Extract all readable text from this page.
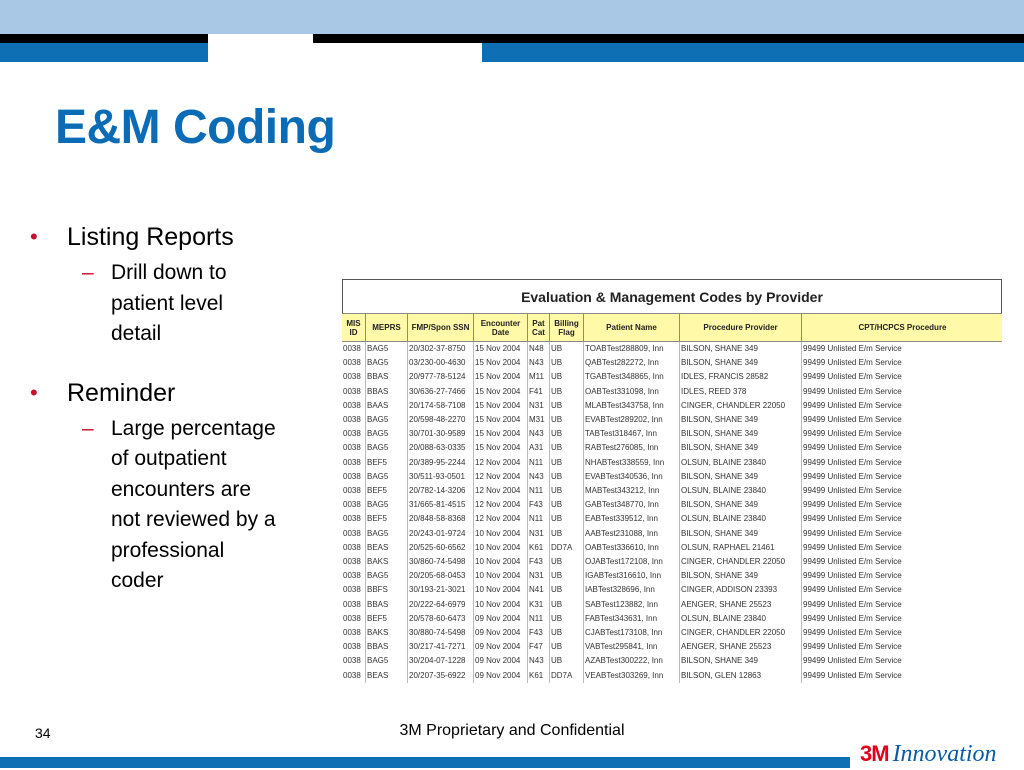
E&M Coding
• Listing Reports
– Drill down to
patient level
detail
• Reminder
– Large percentage
of outpatient
encounters are
not reviewed by a
professional
coder
Evaluation & Management Codes by Provider
MIS ID	MEPRS	FMP/Spon SSN	Encounter Date	Pat Cat	Billing Flag	Patient Name	Procedure Provider	CPT/HCPCS Procedure
0038	BAG5	20/302-37-8750	15 Nov 2004	N48	UB	TOABTest288809, Inn	BILSON, SHANE 349	99499 Unlisted E/m Service
0038	BAG5	03/230-00-4630	15 Nov 2004	N43	UB	QABTest282272, Inn	BILSON, SHANE 349	99499 Unlisted E/m Service
0038	BBAS	20/977-78-5124	15 Nov 2004	M11	UB	TGABTest348865, Inn	IDLES, FRANCIS 28582	99499 Unlisted E/m Service
0038	BBAS	30/636-27-7466	15 Nov 2004	F41	UB	OABTest331098, Inn	IDLES, REED 378	99499 Unlisted E/m Service
0038	BAAS	20/174-58-7108	15 Nov 2004	N31	UB	MLABTest343758, Inn	CINGER, CHANDLER 22050	99499 Unlisted E/m Service
0038	BAG5	20/598-48-2270	15 Nov 2004	M31	UB	EVABTest289202, Inn	BILSON, SHANE 349	99499 Unlisted E/m Service
0038	BAG5	30/701-30-9589	15 Nov 2004	N43	UB	TABTest318467, Inn	BILSON, SHANE 349	99499 Unlisted E/m Service
0038	BAG5	20/088-63-0335	15 Nov 2004	A31	UB	RABTest276085, Inn	BILSON, SHANE 349	99499 Unlisted E/m Service
0038	BEF5	20/389-95-2244	12 Nov 2004	N11	UB	NHABTest338559, Inn	OLSUN, BLAINE 23840	99499 Unlisted E/m Service
0038	BAG5	30/511-93-0501	12 Nov 2004	N43	UB	EVABTest340536, Inn	BILSON, SHANE 349	99499 Unlisted E/m Service
0038	BEF5	20/782-14-3206	12 Nov 2004	N11	UB	MABTest343212, Inn	OLSUN, BLAINE 23840	99499 Unlisted E/m Service
0038	BAG5	31/665-81-4515	12 Nov 2004	F43	UB	GABTest348770, Inn	BILSON, SHANE 349	99499 Unlisted E/m Service
0038	BEF5	20/848-58-8368	12 Nov 2004	N11	UB	EABTest339512, Inn	OLSUN, BLAINE 23840	99499 Unlisted E/m Service
0038	BAG5	20/243-01-9724	10 Nov 2004	N31	UB	AABTest231088, Inn	BILSON, SHANE 349	99499 Unlisted E/m Service
0038	BEAS	20/525-60-6562	10 Nov 2004	K61	DD7A	OABTest336610, Inn	OLSUN, RAPHAEL 21461	99499 Unlisted E/m Service
0038	BAKS	30/860-74-5498	10 Nov 2004	F43	UB	OJABTest172108, Inn	CINGER, CHANDLER 22050	99499 Unlisted E/m Service
0038	BAG5	20/205-68-0453	10 Nov 2004	N31	UB	IGABTest316610, Inn	BILSON, SHANE 349	99499 Unlisted E/m Service
0038	BBFS	30/193-21-3021	10 Nov 2004	N41	UB	IABTest328696, Inn	CINGER, ADDISON 23393	99499 Unlisted E/m Service
0038	BBAS	20/222-64-6979	10 Nov 2004	K31	UB	SABTest123882, Inn	AENGER, SHANE 25523	99499 Unlisted E/m Service
0038	BEF5	20/578-60-6473	09 Nov 2004	N11	UB	FABTest343631, Inn	OLSUN, BLAINE 23840	99499 Unlisted E/m Service
0038	BAKS	30/880-74-5498	09 Nov 2004	F43	UB	CJABTest173108, Inn	CINGER, CHANDLER 22050	99499 Unlisted E/m Service
0038	BBAS	30/217-41-7271	09 Nov 2004	F47	UB	VABTest295841, Inn	AENGER, SHANE 25523	99499 Unlisted E/m Service
0038	BAG5	30/204-07-1228	09 Nov 2004	N43	UB	AZABTest300222, Inn	BILSON, SHANE 349	99499 Unlisted E/m Service
0038	BEAS	20/207-35-6922	09 Nov 2004	K61	DD7A	VEABTest303269, Inn	BILSON, GLEN 12863	99499 Unlisted E/m Service
34	3M Proprietary and Confidential
3M Innovation
